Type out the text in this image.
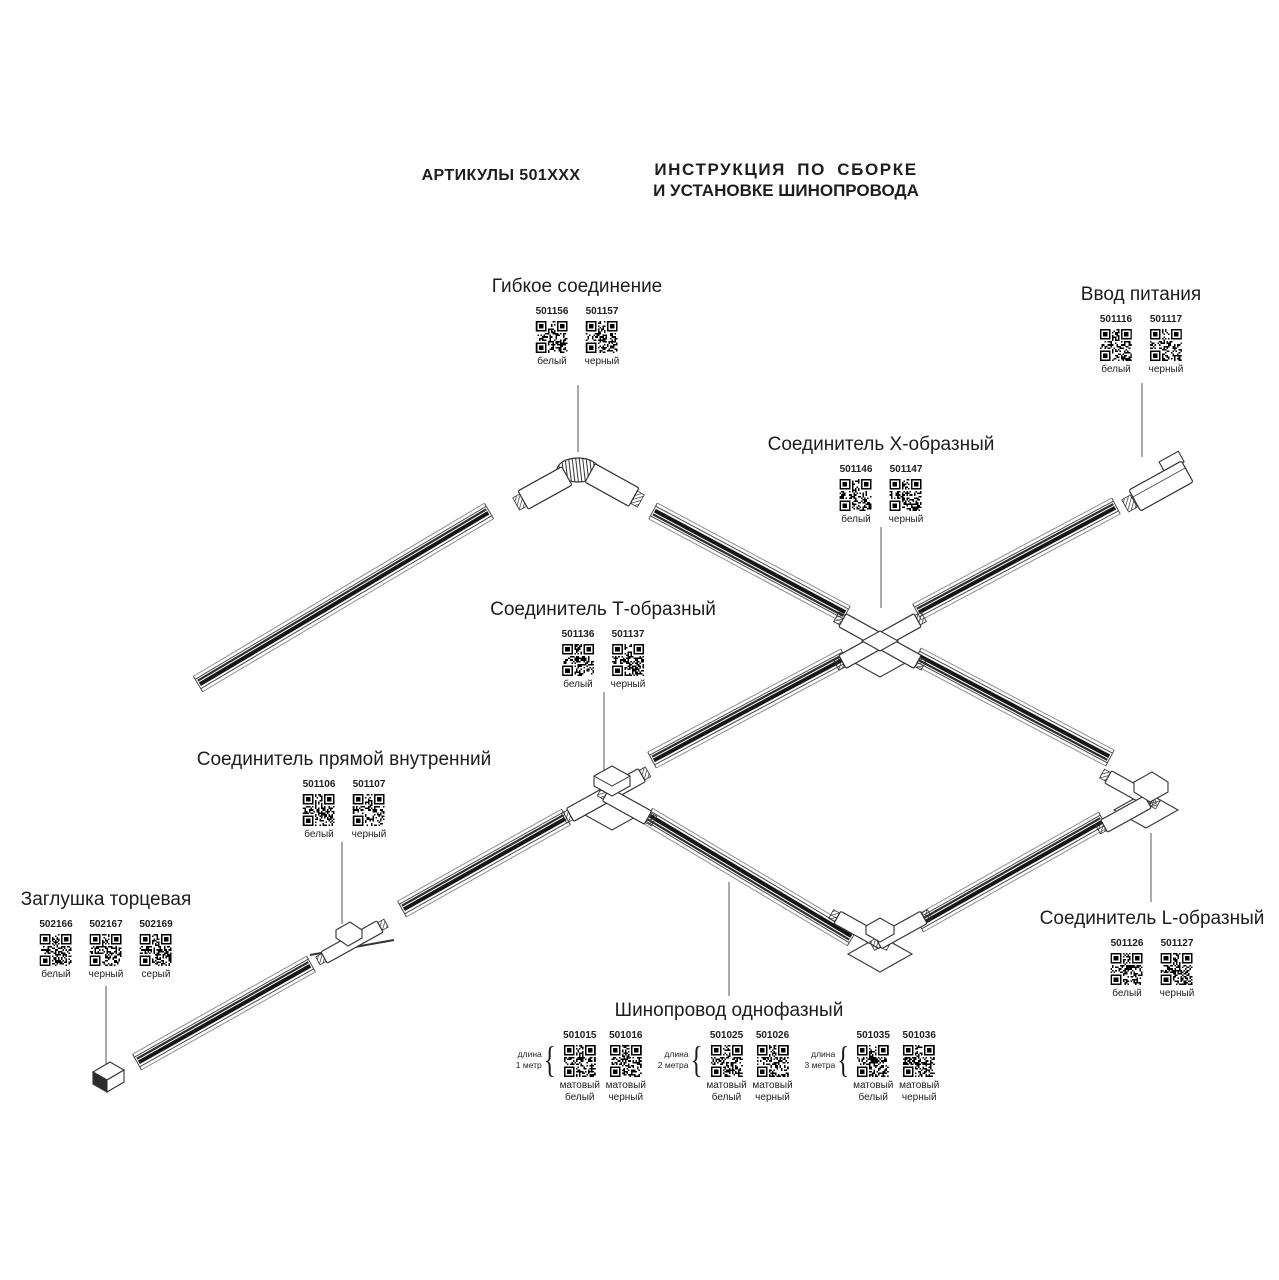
АРТИКУЛЫ 501XXX	ИНСТРУКЦИЯ ПО СБОРКЕ
И УСТАНОВКЕ ШИНОПРОВОДА
Гибкое соединение
501156
белый
501157
черный
Ввод питания
501116
белый
501117
черный
Соединитель X-образный
501146
белый
501147
черный
Соединитель Т-образный
501136
белый
501137
черный
Соединитель прямой внутренний
501106
белый
501107
черный
Заглушка торцевая
502166
белый
502167
черный
502169
серый
Соединитель L-образный
501126
белый
501127
черный
Шинопровод однофазный
длина
1 метр {
501015
матовый белый
501016
матовый черный
длина
2 метра {
501025
матовый белый
501026
матовый черный
длина
3 метра {
501035
матовый белый
501036
матовый черный
